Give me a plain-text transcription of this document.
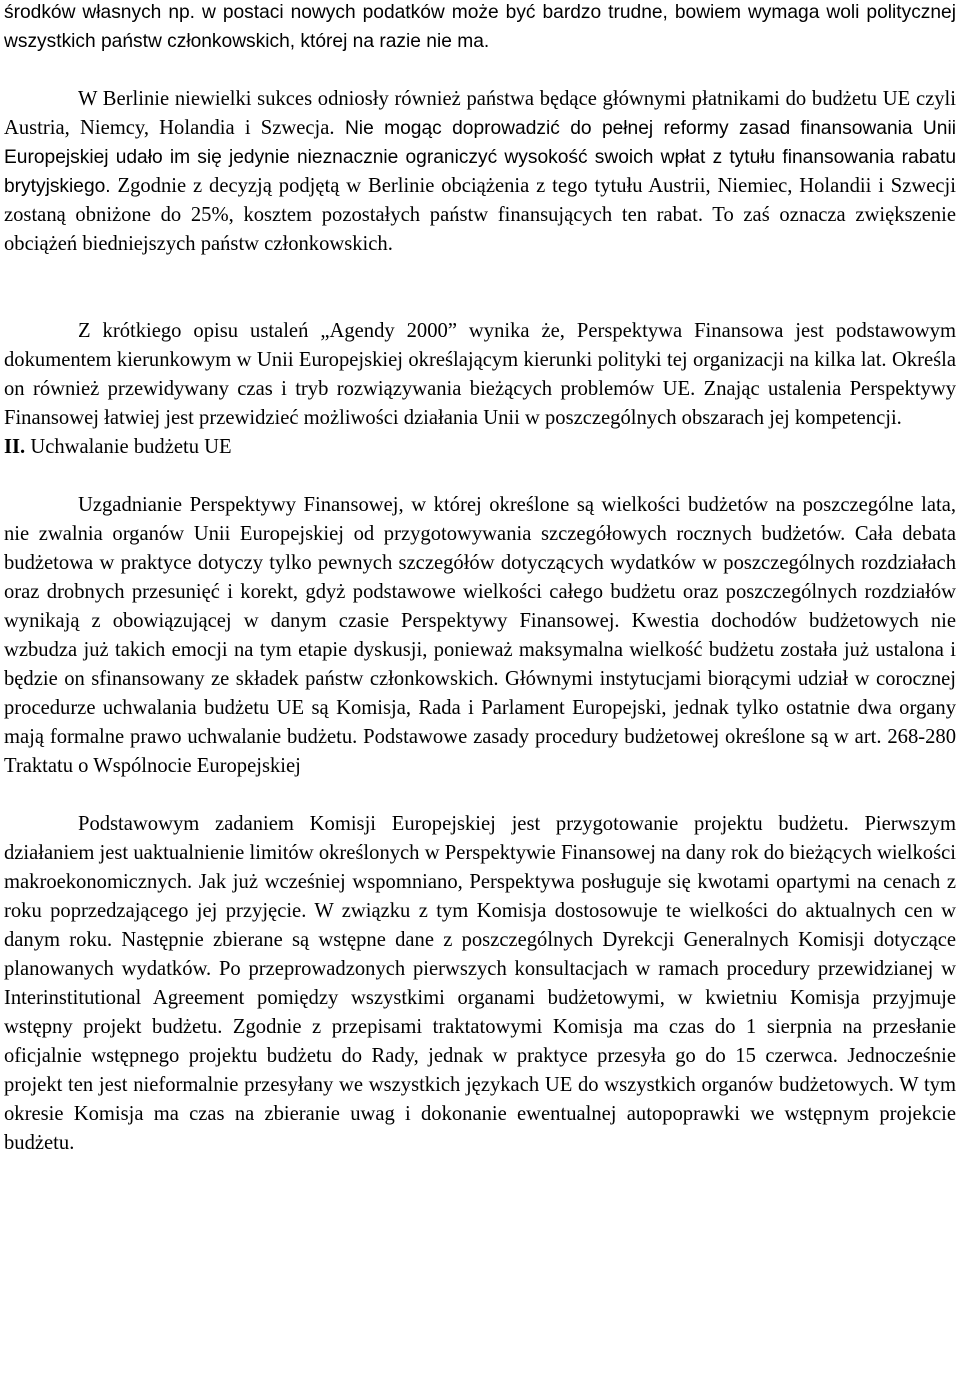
środków własnych np. w postaci nowych podatków może być bardzo trudne, bowiem wymaga woli politycznej wszystkich państw członkowskich, której na razie nie ma.

W Berlinie niewielki sukces odniosły również państwa będące głównymi płatnikami do budżetu UE czyli Austria, Niemcy, Holandia i Szwecja. Nie mogąc doprowadzić do pełnej reformy zasad finansowania Unii Europejskiej udało im się jedynie nieznacznie ograniczyć wysokość swoich wpłat z tytułu finansowania rabatu brytyjskiego. Zgodnie z decyzją podjętą w Berlinie obciążenia z tego tytułu Austrii, Niemiec, Holandii i Szwecji zostaną obniżone do 25%, kosztem pozostałych państw finansujących ten rabat. To zaś oznacza zwiększenie obciążeń biedniejszych państw członkowskich.

Z krótkiego opisu ustaleń „Agendy 2000” wynika że, Perspektywa Finansowa jest podstawowym dokumentem kierunkowym w Unii Europejskiej określającym kierunki polityki tej organizacji na kilka lat. Określa on również przewidywany czas i tryb rozwiązywania bieżących problemów UE. Znając ustalenia Perspektywy Finansowej łatwiej jest przewidzieć możliwości działania Unii w poszczególnych obszarach jej kompetencji.

II. Uchwalanie budżetu UE

Uzgadnianie Perspektywy Finansowej, w której określone są wielkości budżetów na poszczególne lata, nie zwalnia organów Unii Europejskiej od przygotowywania szczegółowych rocznych budżetów. Cała debata budżetowa w praktyce dotyczy tylko pewnych szczegółów dotyczących wydatków w poszczególnych rozdziałach oraz drobnych przesunięć i korekt, gdyż podstawowe wielkości całego budżetu oraz poszczególnych rozdziałów wynikają z obowiązującej w danym czasie Perspektywy Finansowej. Kwestia dochodów budżetowych nie wzbudza już takich emocji na tym etapie dyskusji, ponieważ maksymalna wielkość budżetu została już ustalona i będzie on sfinansowany ze składek państw członkowskich. Głównymi instytucjami biorącymi udział w corocznej procedurze uchwalania budżetu UE są Komisja, Rada i Parlament Europejski, jednak tylko ostatnie dwa organy mają formalne prawo uchwalanie budżetu. Podstawowe zasady procedury budżetowej określone są w art. 268-280 Traktatu o Wspólnocie Europejskiej

Podstawowym zadaniem Komisji Europejskiej jest przygotowanie projektu budżetu. Pierwszym działaniem jest uaktualnienie limitów określonych w Perspektywie Finansowej na dany rok do bieżących wielkości makroekonomicznych. Jak już wcześniej wspomniano, Perspektywa posługuje się kwotami opartymi na cenach z roku poprzedzającego jej przyjęcie. W związku z tym Komisja dostosowuje te wielkości do aktualnych cen w danym roku. Następnie zbierane są wstępne dane z poszczególnych Dyrekcji Generalnych Komisji dotyczące planowanych wydatków. Po przeprowadzonych pierwszych konsultacjach w ramach procedury przewidzianej w Interinstitutional Agreement pomiędzy wszystkimi organami budżetowymi, w kwietniu Komisja przyjmuje wstępny projekt budżetu. Zgodnie z przepisami traktatowymi Komisja ma czas do 1 sierpnia na przesłanie oficjalnie wstępnego projektu budżetu do Rady, jednak w praktyce przesyła go do 15 czerwca. Jednocześnie projekt ten jest nieformalnie przesyłany we wszystkich językach UE do wszystkich organów budżetowych. W tym okresie Komisja ma czas na zbieranie uwag i dokonanie ewentualnej autopoprawki we wstępnym projekcie budżetu.
